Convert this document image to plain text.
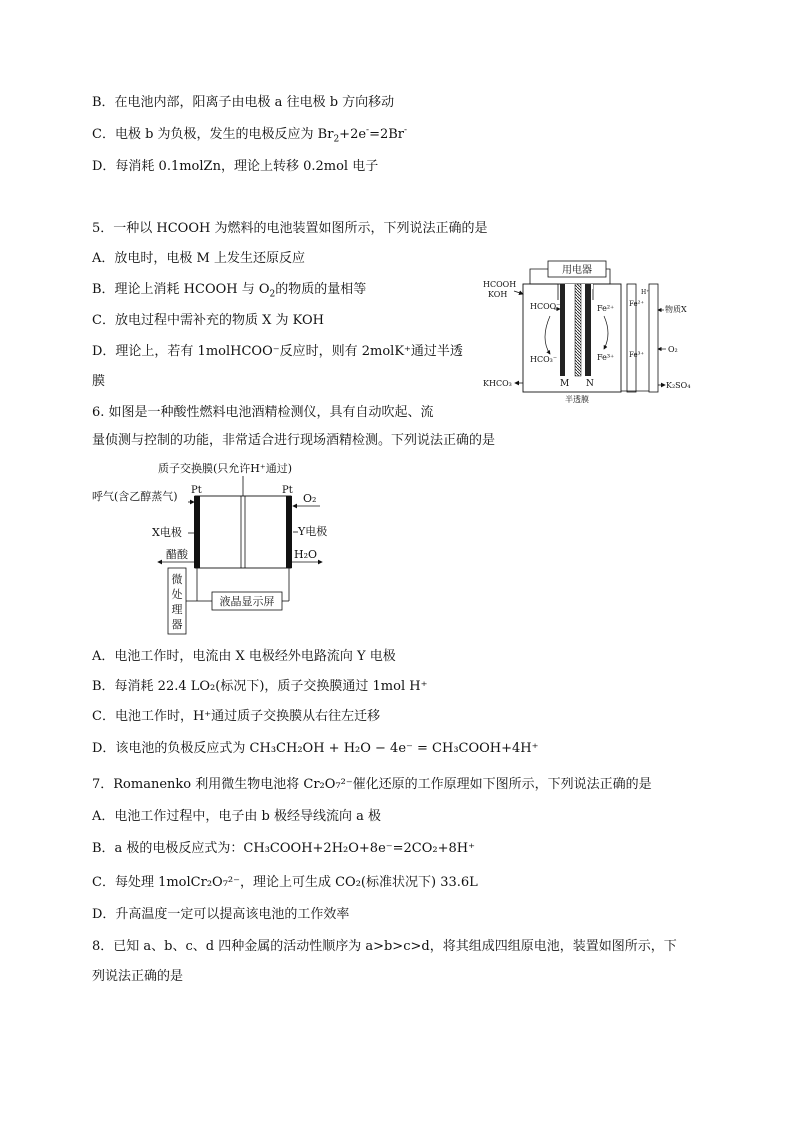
B．在电池内部，阳离子由电极 a 往电极 b 方向移动
C．电极 b 为负极，发生的电极反应为 $Br_2+2e^-=2Br^-$
D．每消耗 0.1molZn，理论上转移 0.2mol 电子
5．一种以 HCOOH 为燃料的电池装置如图所示，下列说法正确的是
A．放电时，电极 M 上发生还原反应
B．理论上消耗 HCOOH 与 $O_2$的物质的量相等
C．放电过程中需补充的物质 X 为 KOH
D．理论上，若有 1molHCOO⁻反应时，则有 2molK⁺通过半透
膜
用电器
HCOOH
KOH
HCOO⁻
HCO₃⁻
Fe²⁺
Fe³⁺
Fe²⁺
Fe³⁺
H⁺
物质X
O₂
KHCO₃	K₂SO₄
M N
半透膜
6. 如图是一种酸性燃料电池酒精检测仪，具有自动吹起、流
量侦测与控制的功能，非常适合进行现场酒精检测。下列说法正确的是
质子交换膜(只允许H⁺通过)
Pt	Pt
呼气(含乙醇蒸气)	O₂
X电极	Y电极
醋酸	H₂O
微
处
理
器
液晶显示屏
A．电池工作时，电流由 X 电极经外电路流向 Y 电极
B．每消耗 22.4 LO₂(标况下)，质子交换膜通过 1mol H⁺
C．电池工作时，H⁺通过质子交换膜从右往左迁移
D．该电池的负极反应式为 CH₃CH₂OH + H₂O − 4e⁻ = CH₃COOH+4H⁺
7．Romanenko 利用微生物电池将 Cr₂O₇²⁻催化还原的工作原理如下图所示，下列说法正确的是
A．电池工作过程中，电子由 b 极经导线流向 a 极
B．a 极的电极反应式为：CH₃COOH+2H₂O+8e⁻=2CO₂+8H⁺
C．每处理 1molCr₂O₇²⁻，理论上可生成 CO₂(标准状况下) 33.6L
D．升高温度一定可以提高该电池的工作效率
8．已知 a、b、c、d 四种金属的活动性顺序为 a>b>c>d，将其组成四组原电池，装置如图所示，下
列说法正确的是
